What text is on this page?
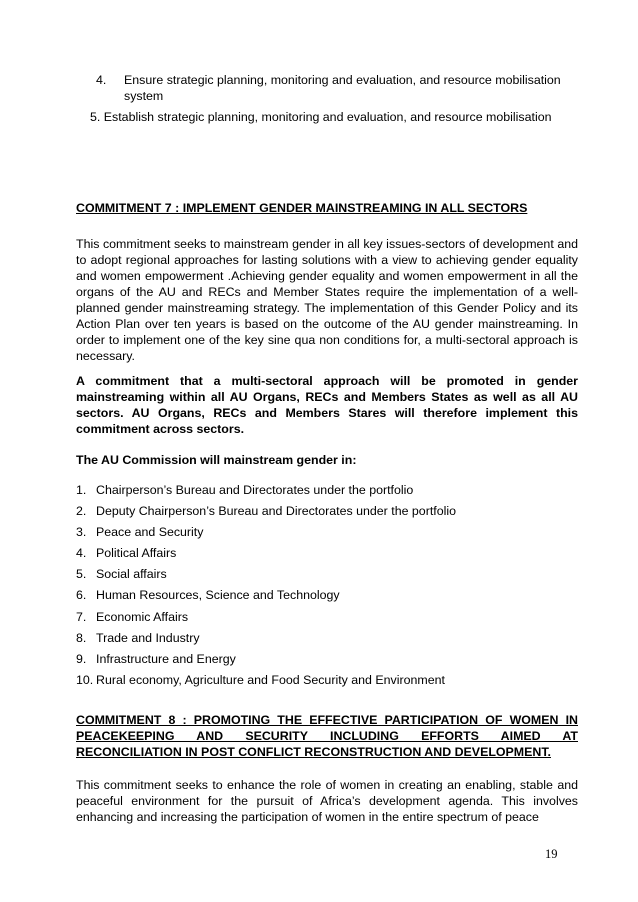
4. Ensure strategic planning, monitoring and evaluation, and resource mobilisation system
5. Establish strategic planning, monitoring and evaluation, and resource mobilisation
COMMITMENT 7 : IMPLEMENT GENDER MAINSTREAMING IN ALL SECTORS
This commitment seeks to mainstream gender in all key issues-sectors of development and to adopt regional approaches for lasting solutions with a view to achieving gender equality and women empowerment .Achieving gender equality and women empowerment in all the organs of the AU and RECs and Member States require the implementation of a well-planned gender mainstreaming strategy. The implementation of this Gender Policy and its Action Plan over ten years is based on the outcome of the AU gender mainstreaming. In order to implement one of the key sine qua non conditions for, a multi-sectoral approach is necessary.
A commitment that a multi-sectoral approach will be promoted in gender mainstreaming within all AU Organs, RECs and Members States as well as all AU sectors. AU Organs, RECs and Members Stares will therefore implement this commitment across sectors.
The AU Commission will mainstream gender in:
1. Chairperson’s Bureau and Directorates under the portfolio
2. Deputy Chairperson’s Bureau and Directorates under the portfolio
3. Peace and Security
4. Political Affairs
5. Social affairs
6. Human Resources, Science and Technology
7. Economic Affairs
8. Trade and Industry
9. Infrastructure and Energy
10. Rural economy, Agriculture and Food Security and Environment
COMMITMENT 8 : PROMOTING THE EFFECTIVE PARTICIPATION OF WOMEN IN
PEACEKEEPING AND SECURITY INCLUDING EFFORTS AIMED AT
RECONCILIATION IN POST CONFLICT RECONSTRUCTION AND DEVELOPMENT.
This commitment seeks to enhance the role of women in creating an enabling, stable and peaceful environment for the pursuit of Africa’s development agenda. This involves enhancing and increasing the participation of women in the entire spectrum of peace
19
